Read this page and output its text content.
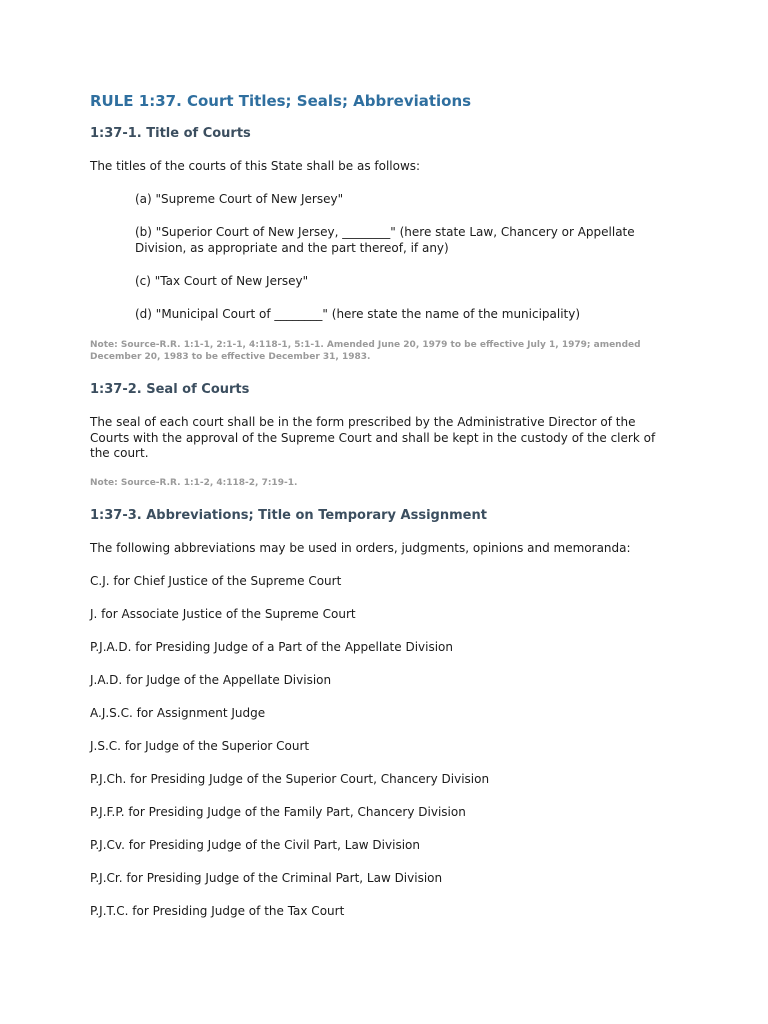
RULE 1:37. Court Titles; Seals; Abbreviations
1:37-1. Title of Courts

The titles of the courts of this State shall be as follows:

(a) "Supreme Court of New Jersey"

(b) "Superior Court of New Jersey, ________" (here state Law, Chancery or Appellate Division, as appropriate and the part thereof, if any)

(c) "Tax Court of New Jersey"

(d) "Municipal Court of ________" (here state the name of the municipality)

Note: Source-R.R. 1:1-1, 2:1-1, 4:118-1, 5:1-1. Amended June 20, 1979 to be effective July 1, 1979; amended December 20, 1983 to be effective December 31, 1983.

1:37-2. Seal of Courts

The seal of each court shall be in the form prescribed by the Administrative Director of the Courts with the approval of the Supreme Court and shall be kept in the custody of the clerk of the court.

Note: Source-R.R. 1:1-2, 4:118-2, 7:19-1.

1:37-3. Abbreviations; Title on Temporary Assignment

The following abbreviations may be used in orders, judgments, opinions and memoranda:

C.J. for Chief Justice of the Supreme Court

J. for Associate Justice of the Supreme Court

P.J.A.D. for Presiding Judge of a Part of the Appellate Division

J.A.D. for Judge of the Appellate Division

A.J.S.C. for Assignment Judge

J.S.C. for Judge of the Superior Court

P.J.Ch. for Presiding Judge of the Superior Court, Chancery Division

P.J.F.P. for Presiding Judge of the Family Part, Chancery Division

P.J.Cv. for Presiding Judge of the Civil Part, Law Division

P.J.Cr. for Presiding Judge of the Criminal Part, Law Division

P.J.T.C. for Presiding Judge of the Tax Court
